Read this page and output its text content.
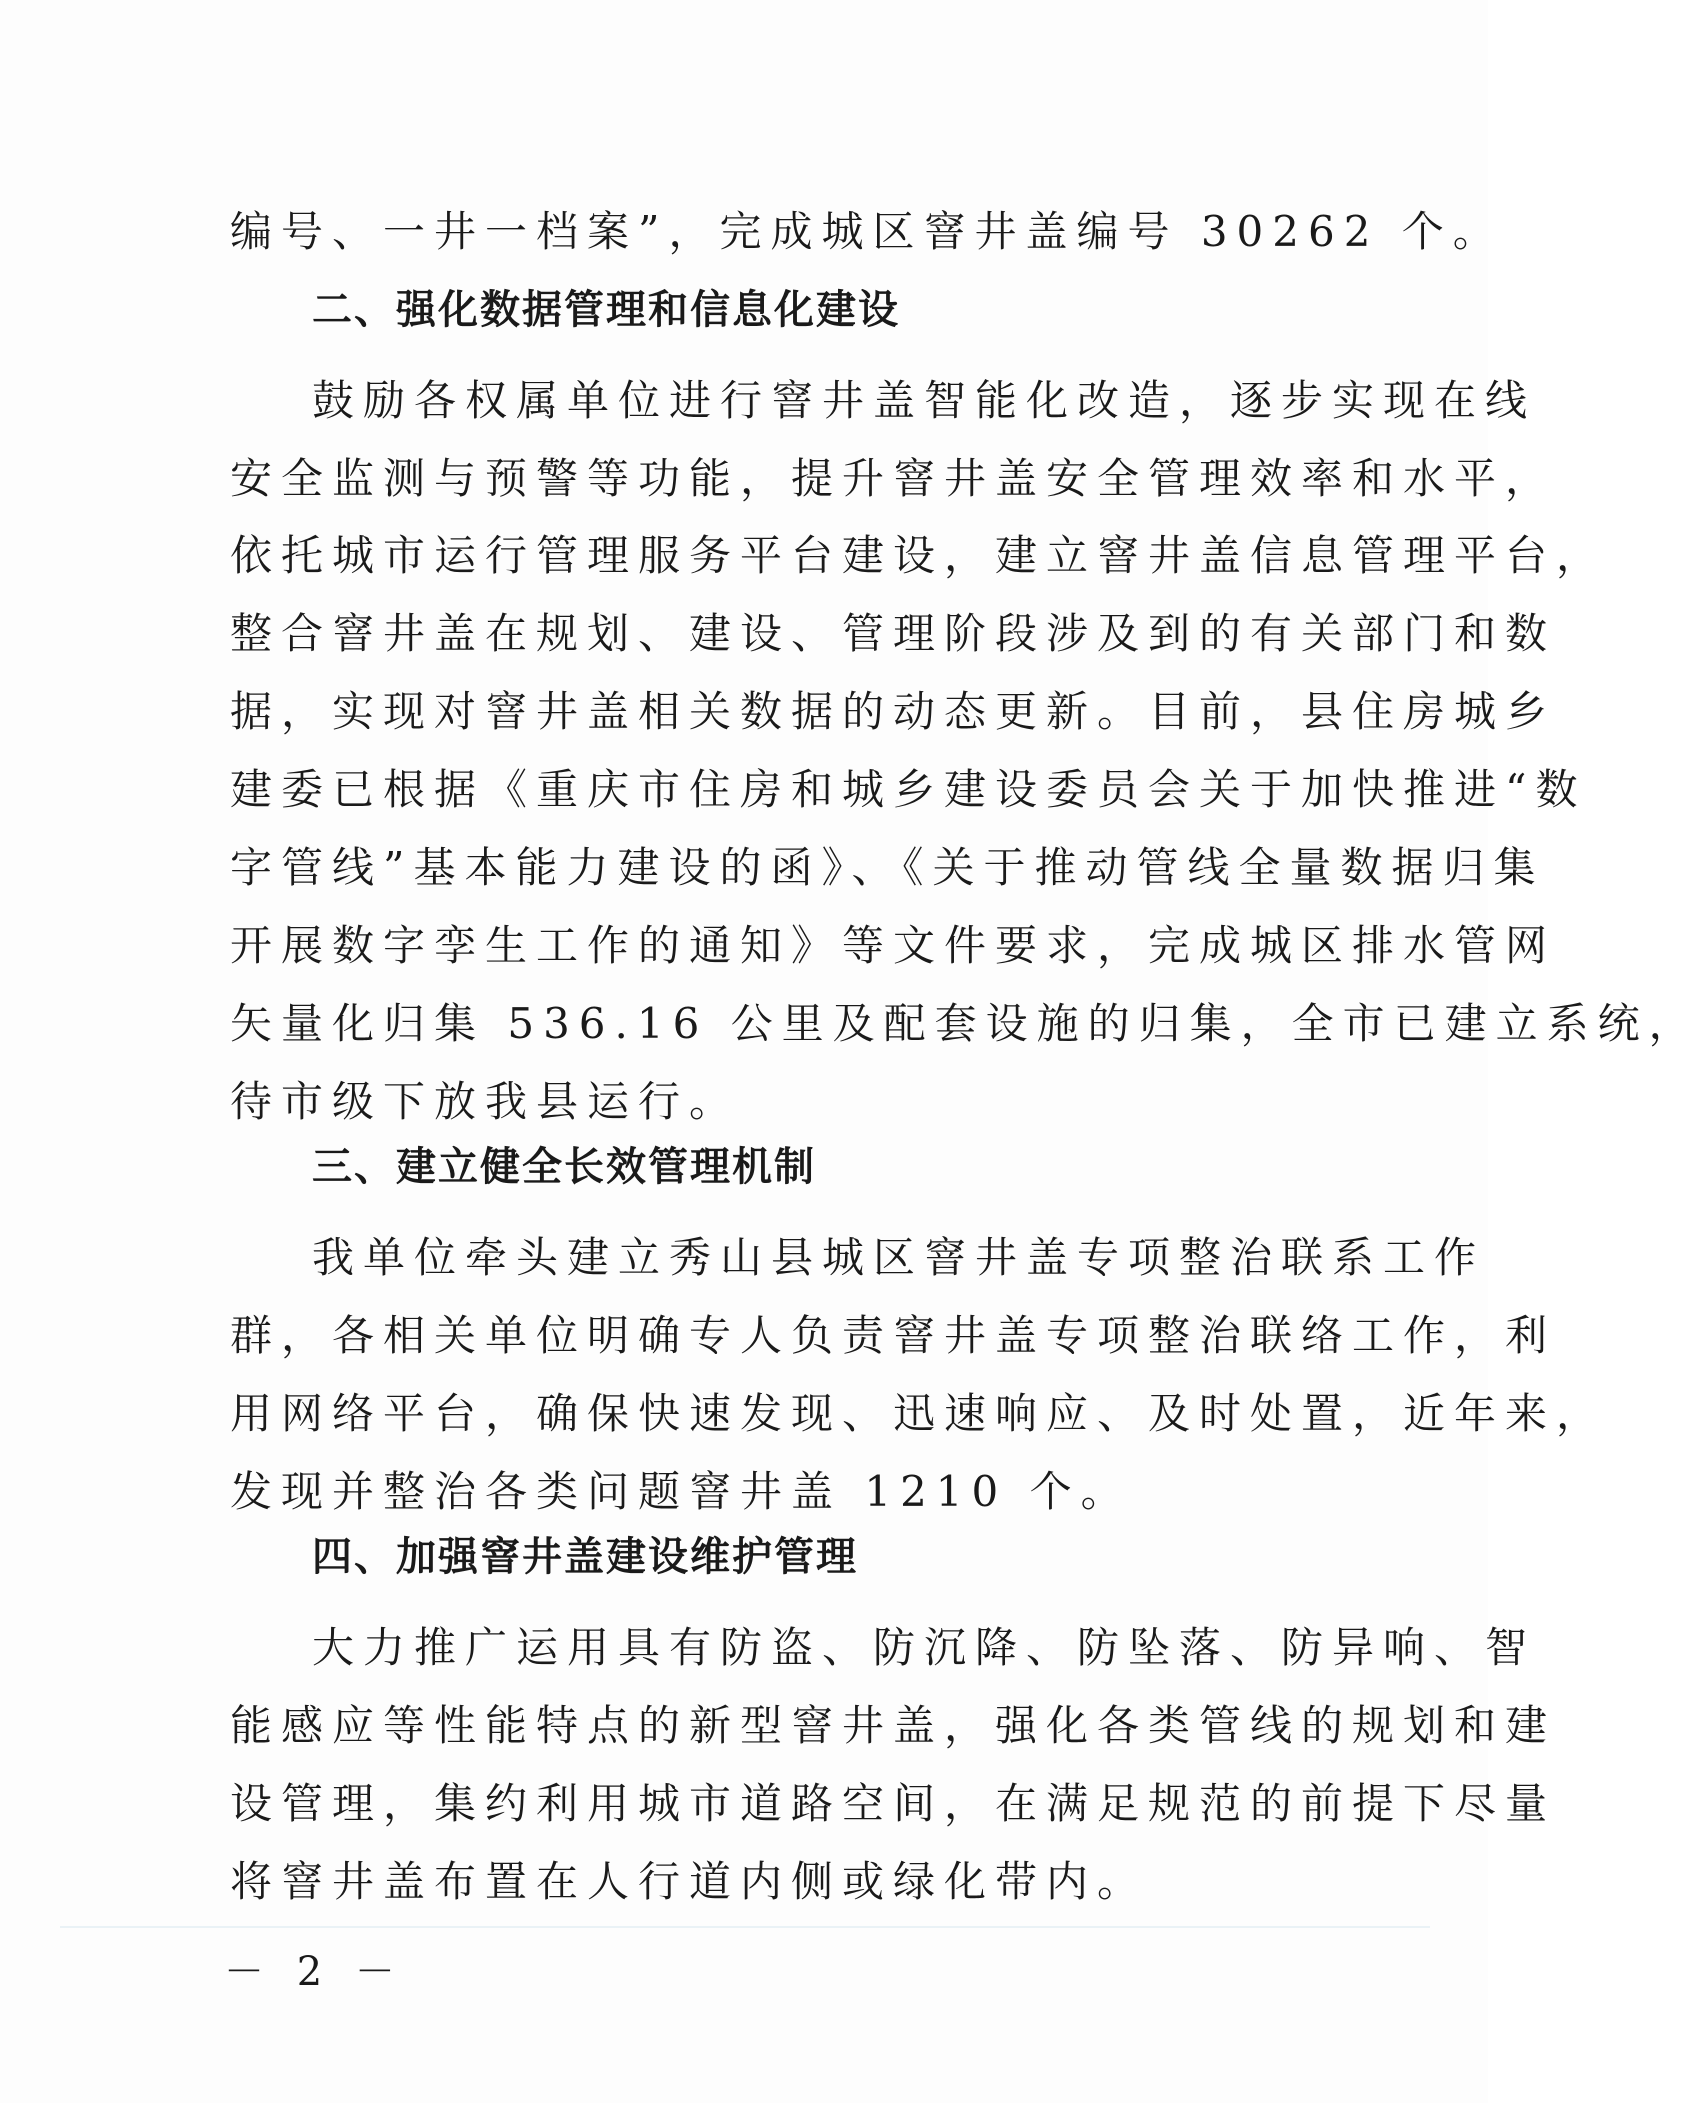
编号、一井一档案”，完成城区窨井盖编号 30262 个。
二、强化数据管理和信息化建设
鼓励各权属单位进行窨井盖智能化改造，逐步实现在线
安全监测与预警等功能，提升窨井盖安全管理效率和水平，
依托城市运行管理服务平台建设，建立窨井盖信息管理平台，
整合窨井盖在规划、建设、管理阶段涉及到的有关部门和数
据，实现对窨井盖相关数据的动态更新。目前，县住房城乡
建委已根据《重庆市住房和城乡建设委员会关于加快推进“数
字管线”基本能力建设的函》、《关于推动管线全量数据归集
开展数字孪生工作的通知》等文件要求，完成城区排水管网
矢量化归集 536.16 公里及配套设施的归集，全市已建立系统，
待市级下放我县运行。
三、建立健全长效管理机制
我单位牵头建立秀山县城区窨井盖专项整治联系工作
群，各相关单位明确专人负责窨井盖专项整治联络工作，利
用网络平台，确保快速发现、迅速响应、及时处置，近年来，
发现并整治各类问题窨井盖 1210 个。
四、加强窨井盖建设维护管理
大力推广运用具有防盗、防沉降、防坠落、防异响、智
能感应等性能特点的新型窨井盖，强化各类管线的规划和建
设管理，集约利用城市道路空间，在满足规范的前提下尽量
将窨井盖布置在人行道内侧或绿化带内。
－ 2 －
